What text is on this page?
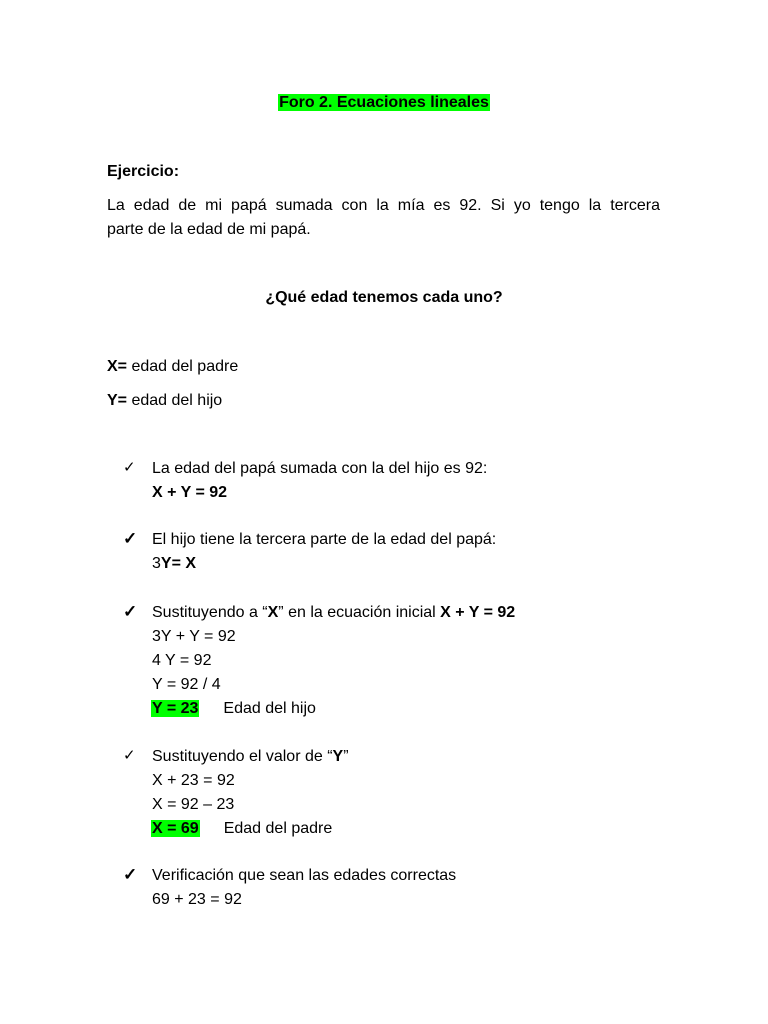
Foro 2. Ecuaciones lineales
Ejercicio:
La edad de mi papá sumada con la mía es 92. Si yo tengo la tercera
parte de la edad de mi papá.
¿Qué edad tenemos cada uno?
X= edad del padre
Y= edad del hijo
✓ La edad del papá sumada con la del hijo es 92:
X + Y = 92
✓ El hijo tiene la tercera parte de la edad del papá:
3Y= X
✓ Sustituyendo a “X” en la ecuación inicial X + Y = 92
3Y + Y = 92
4 Y = 92
Y = 92 / 4
Y = 23 Edad del hijo
✓ Sustituyendo el valor de “Y”
X + 23 = 92
X = 92 – 23
X = 69 Edad del padre
✓ Verificación que sean las edades correctas
69 + 23 = 92
